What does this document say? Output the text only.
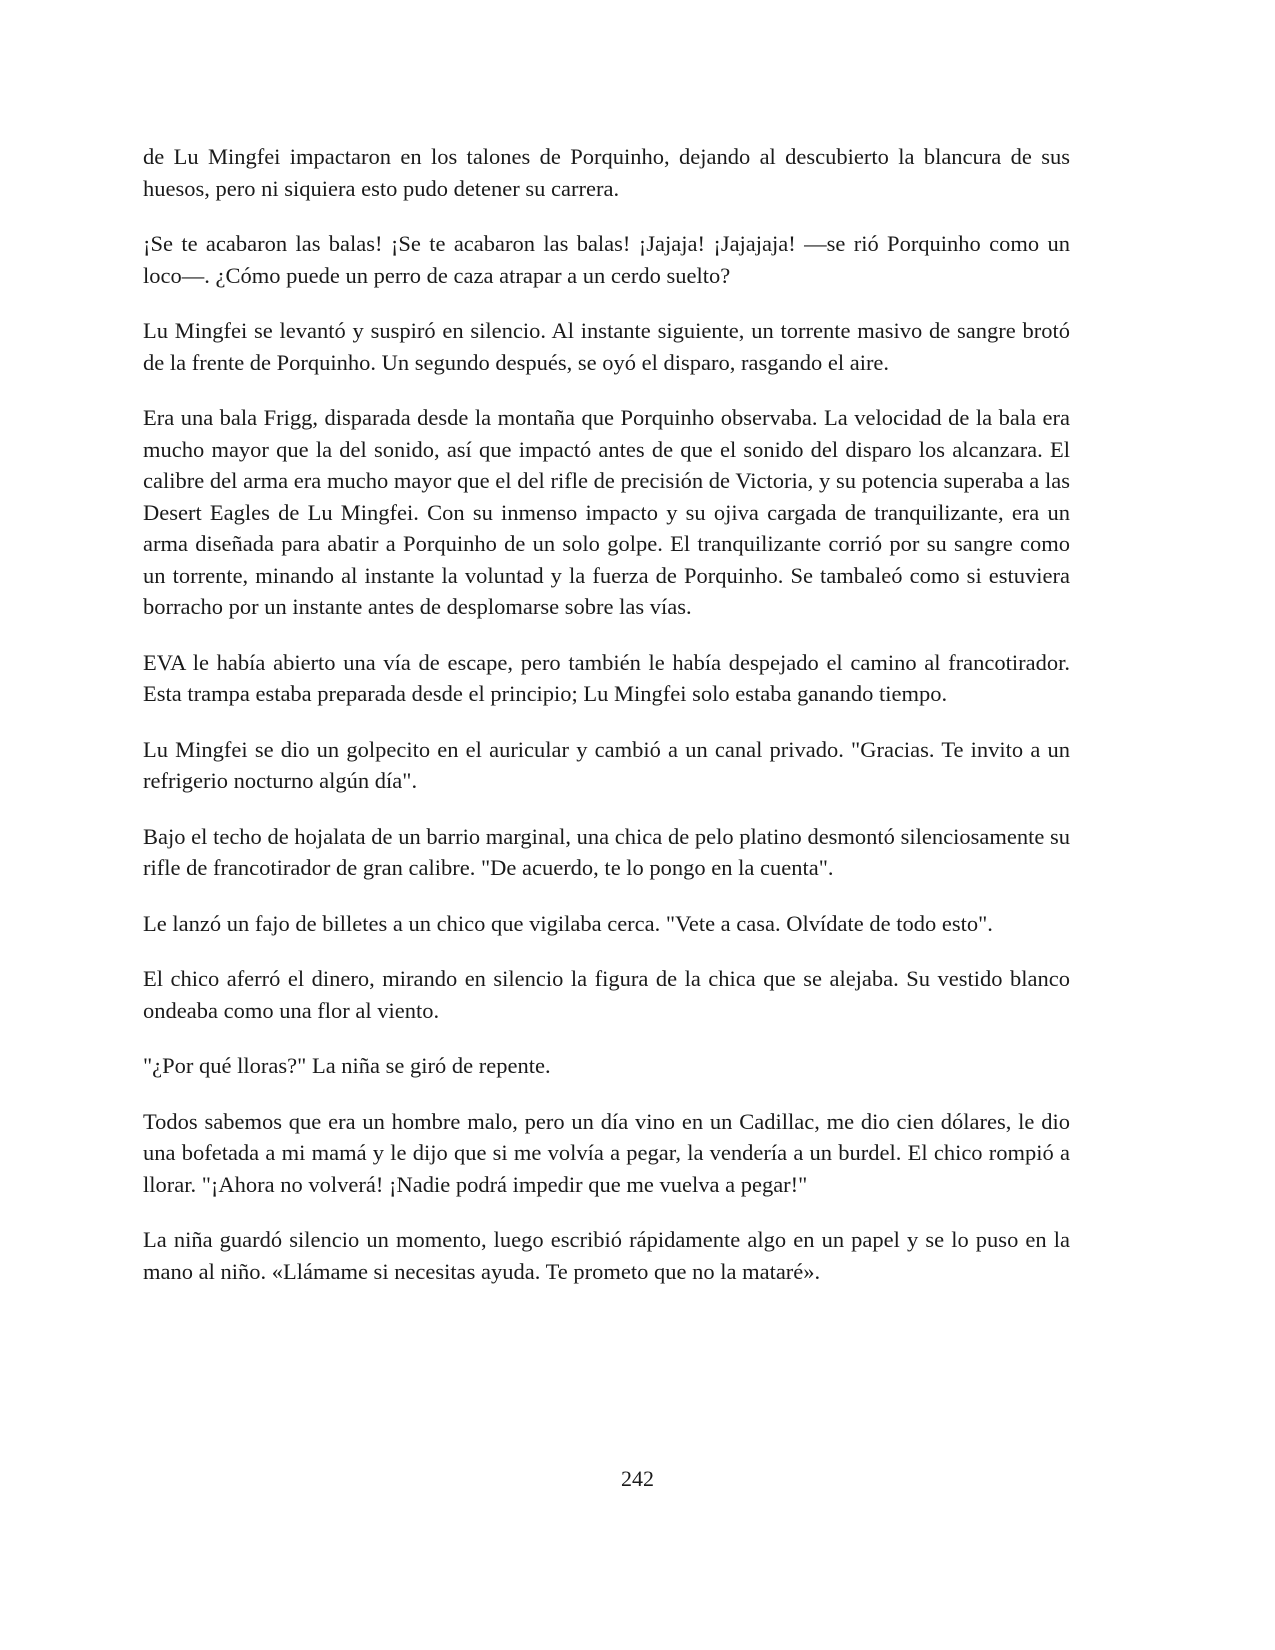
de Lu Mingfei impactaron en los talones de Porquinho, dejando al descubierto la blancura de sus huesos, pero ni siquiera esto pudo detener su carrera.

¡Se te acabaron las balas! ¡Se te acabaron las balas! ¡Jajaja! ¡Jajajaja! —se rió Porquinho como un loco—. ¿Cómo puede un perro de caza atrapar a un cerdo suelto?

Lu Mingfei se levantó y suspiró en silencio. Al instante siguiente, un torrente masivo de sangre brotó de la frente de Porquinho. Un segundo después, se oyó el disparo, rasgando el aire.

Era una bala Frigg, disparada desde la montaña que Porquinho observaba. La velocidad de la bala era mucho mayor que la del sonido, así que impactó antes de que el sonido del disparo los alcanzara. El calibre del arma era mucho mayor que el del rifle de precisión de Victoria, y su potencia superaba a las Desert Eagles de Lu Mingfei. Con su inmenso impacto y su ojiva cargada de tranquilizante, era un arma diseñada para abatir a Porquinho de un solo golpe. El tranquilizante corrió por su sangre como un torrente, minando al instante la voluntad y la fuerza de Porquinho. Se tambaleó como si estuviera borracho por un instante antes de desplomarse sobre las vías.

EVA le había abierto una vía de escape, pero también le había despejado el camino al francotirador. Esta trampa estaba preparada desde el principio; Lu Mingfei solo estaba ganando tiempo.

Lu Mingfei se dio un golpecito en el auricular y cambió a un canal privado. "Gracias. Te invito a un refrigerio nocturno algún día".

Bajo el techo de hojalata de un barrio marginal, una chica de pelo platino desmontó silenciosamente su rifle de francotirador de gran calibre. "De acuerdo, te lo pongo en la cuenta".

Le lanzó un fajo de billetes a un chico que vigilaba cerca. "Vete a casa. Olvídate de todo esto".

El chico aferró el dinero, mirando en silencio la figura de la chica que se alejaba. Su vestido blanco ondeaba como una flor al viento.

"¿Por qué lloras?" La niña se giró de repente.

Todos sabemos que era un hombre malo, pero un día vino en un Cadillac, me dio cien dólares, le dio una bofetada a mi mamá y le dijo que si me volvía a pegar, la vendería a un burdel. El chico rompió a llorar. "¡Ahora no volverá! ¡Nadie podrá impedir que me vuelva a pegar!"

La niña guardó silencio un momento, luego escribió rápidamente algo en un papel y se lo puso en la mano al niño. «Llámame si necesitas ayuda. Te prometo que no la mataré».

242
